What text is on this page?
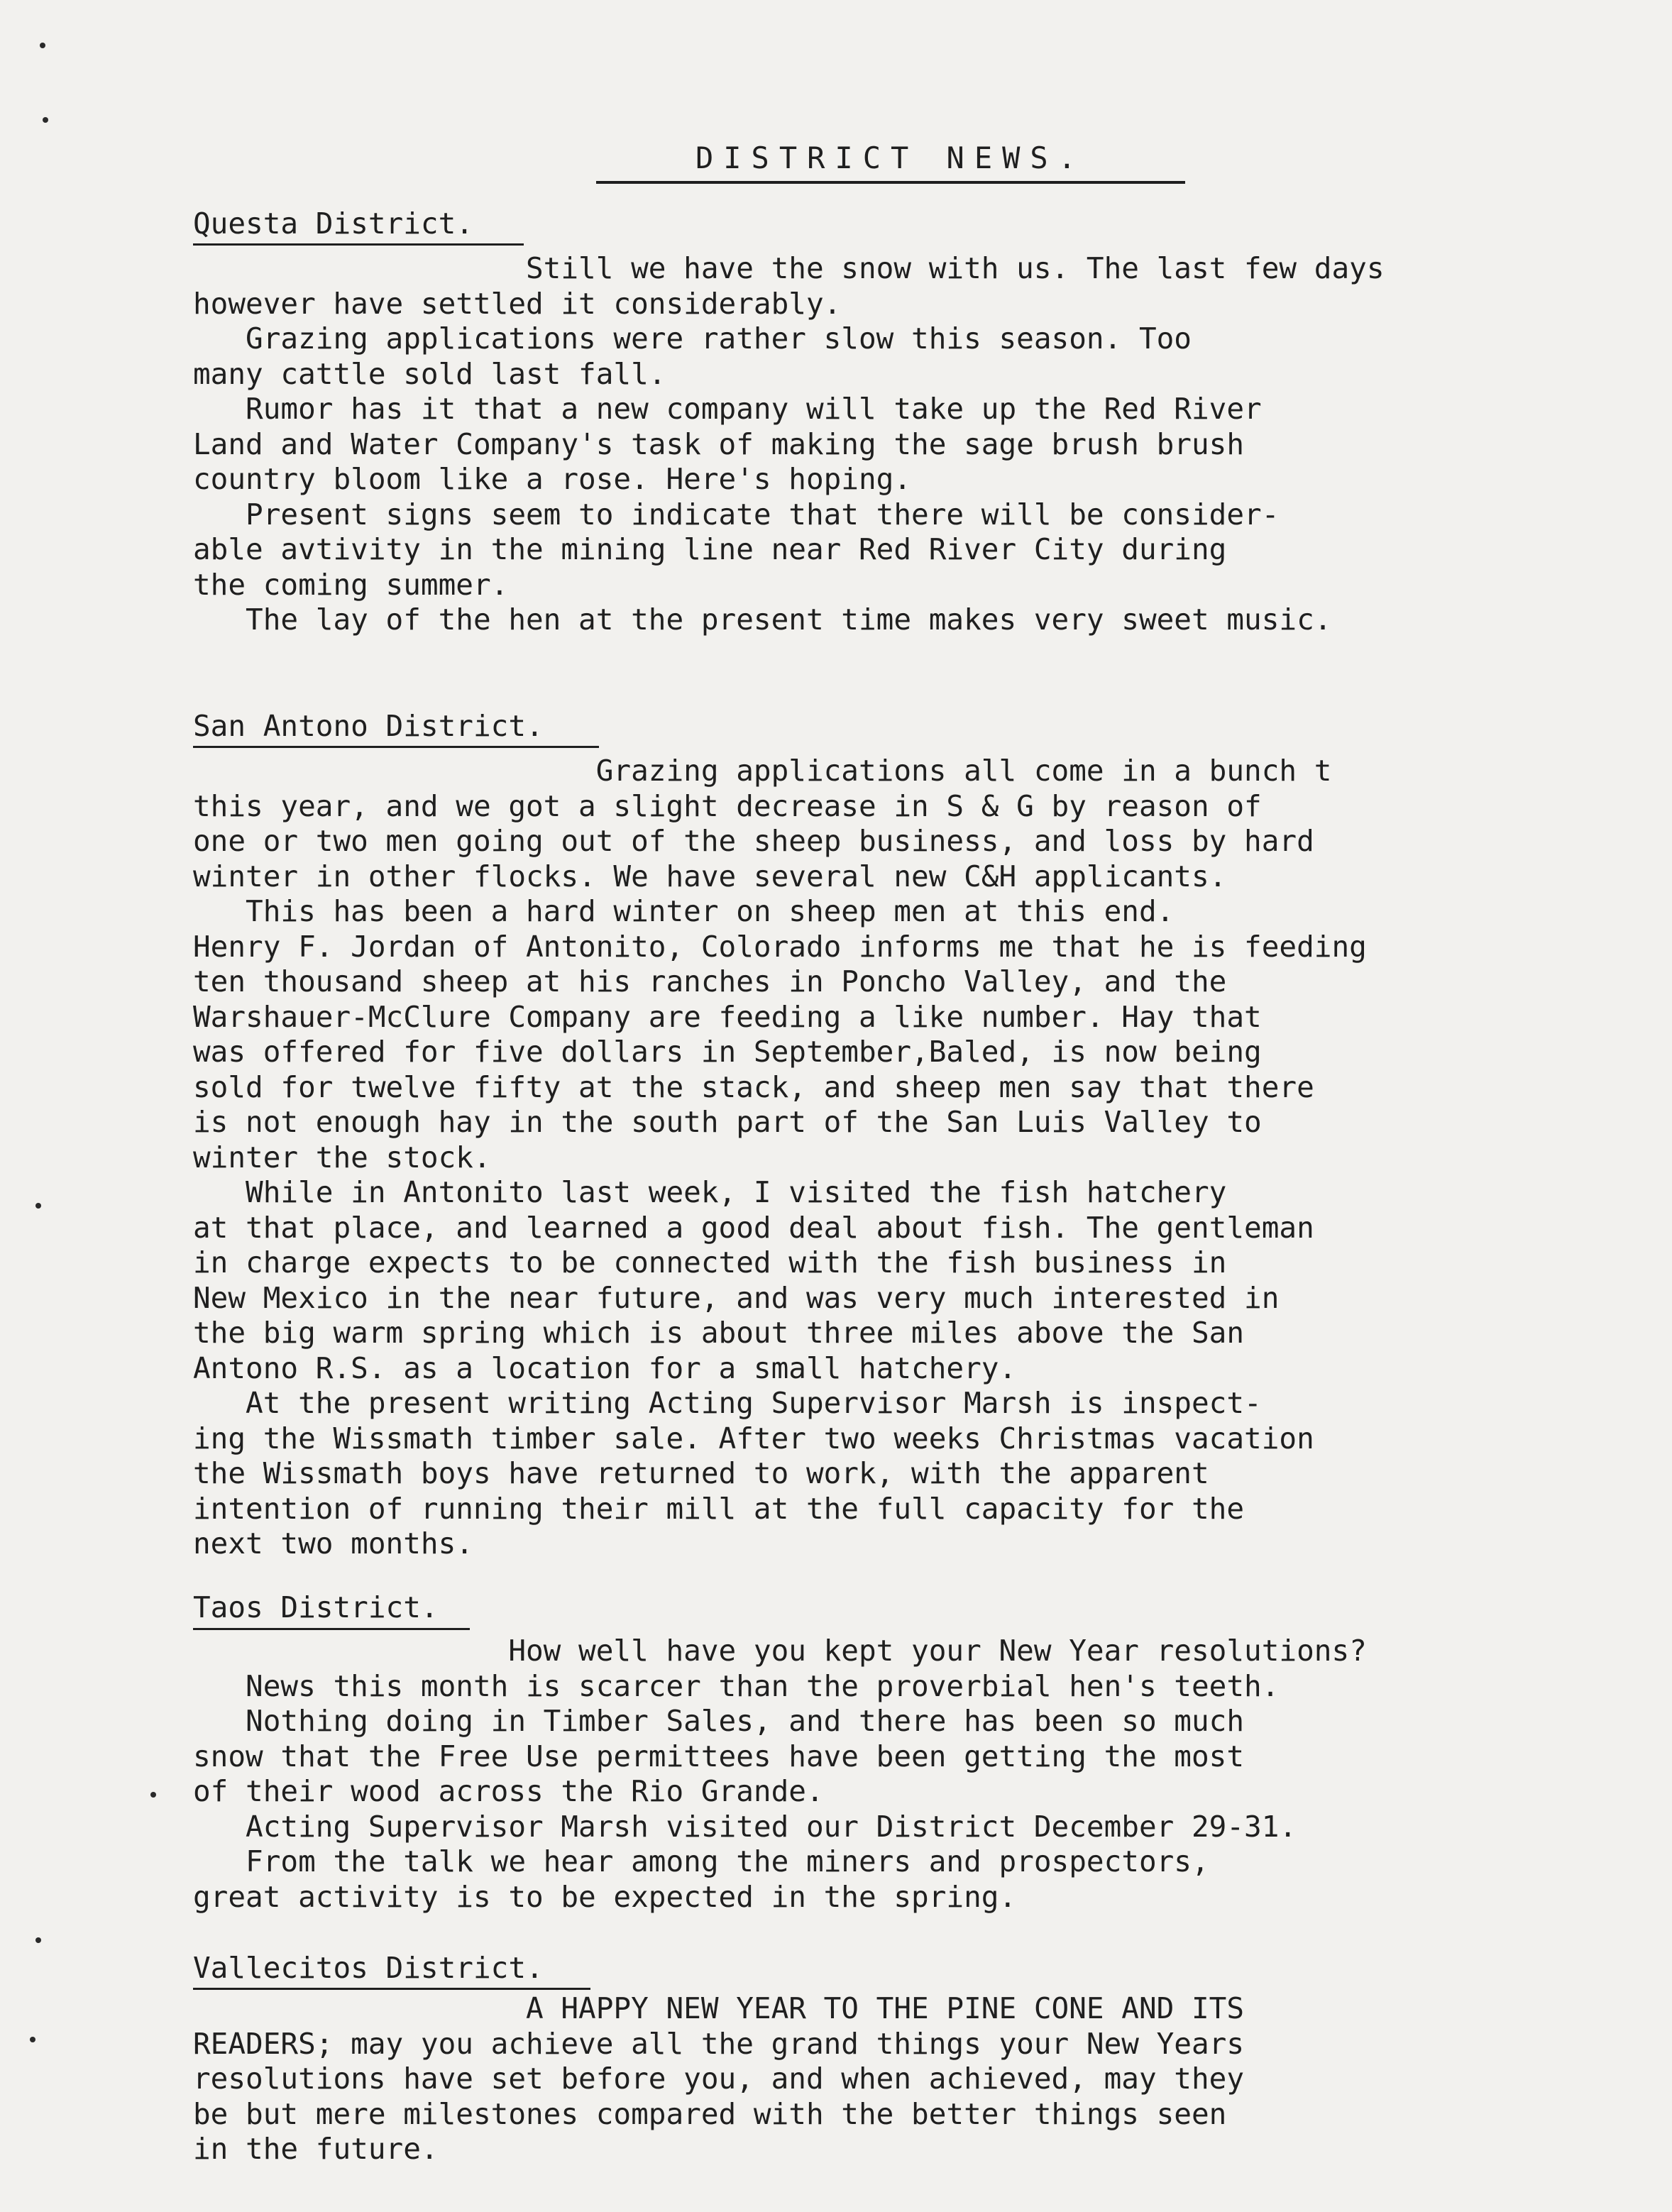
DISTRICT NEWS.
Questa District.
Still we have the snow with us. The last few days
however have settled it considerably.
Grazing applications were rather slow this season. Too
many cattle sold last fall.
Rumor has it that a new company will take up the Red River
Land and Water Company's task of making the sage brush brush
country bloom like a rose. Here's hoping.
Present signs seem to indicate that there will be consider-
able avtivity in the mining line near Red River City during
the coming summer.
The lay of the hen at the present time makes very sweet music.
San Antono District.
Grazing applications all come in a bunch t
this year, and we got a slight decrease in S & G by reason of
one or two men going out of the sheep business, and loss by hard
winter in other flocks. We have several new C&H applicants.
This has been a hard winter on sheep men at this end.
Henry F. Jordan of Antonito, Colorado informs me that he is feeding
ten thousand sheep at his ranches in Poncho Valley, and the
Warshauer-McClure Company are feeding a like number. Hay that
was offered for five dollars in September,Baled, is now being
sold for twelve fifty at the stack, and sheep men say that there
is not enough hay in the south part of the San Luis Valley to
winter the stock.
While in Antonito last week, I visited the fish hatchery
at that place, and learned a good deal about fish. The gentleman
in charge expects to be connected with the fish business in
New Mexico in the near future, and was very much interested in
the big warm spring which is about three miles above the San
Antono R.S. as a location for a small hatchery.
At the present writing Acting Supervisor Marsh is inspect-
ing the Wissmath timber sale. After two weeks Christmas vacation
the Wissmath boys have returned to work, with the apparent
intention of running their mill at the full capacity for the
next two months.
Taos District.
How well have you kept your New Year resolutions?
News this month is scarcer than the proverbial hen's teeth.
Nothing doing in Timber Sales, and there has been so much
snow that the Free Use permittees have been getting the most
of their wood across the Rio Grande.
Acting Supervisor Marsh visited our District December 29-31.
From the talk we hear among the miners and prospectors,
great activity is to be expected in the spring.
Vallecitos District.
A HAPPY NEW YEAR TO THE PINE CONE AND ITS
READERS; may you achieve all the grand things your New Years
resolutions have set before you, and when achieved, may they
be but mere milestones compared with the better things seen
in the future.
